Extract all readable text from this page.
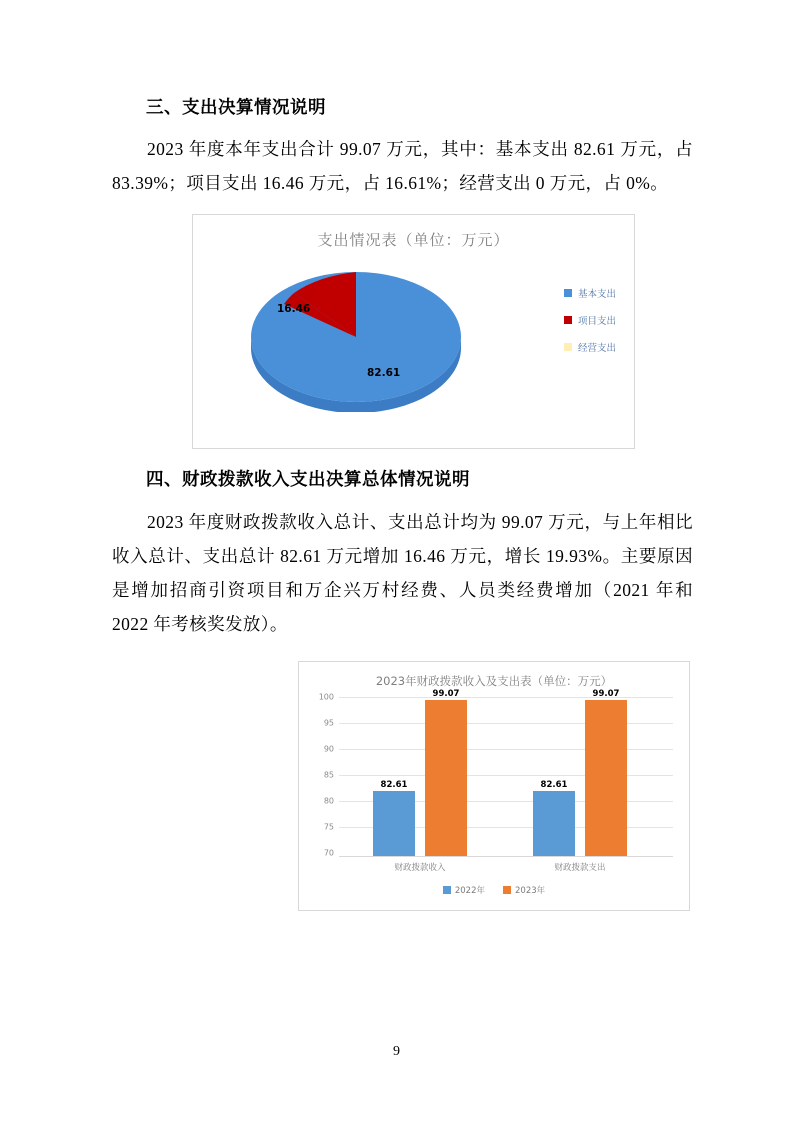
三、支出决算情况说明

2023 年度本年支出合计 99.07 万元，其中：基本支出 82.61 万元，占 83.39%；项目支出 16.46 万元，占 16.61%；经营支出 0 万元，占 0%。

支出情况表（单位：万元）
16.46
82.61
基本支出
项目支出
经营支出
四、财政拨款收入支出决算总体情况说明

2023 年度财政拨款收入总计、支出总计均为 99.07 万元，与上年相比收入总计、支出总计 82.61 万元增加 16.46 万元，增长 19.93%。主要原因是增加招商引资项目和万企兴万村经费、人员类经费增加（2021 年和 2022 年考核奖发放）。

2023年财政拨款收入及支出表（单位：万元）
100
95
90
85
80
75
70
82.61
99.07
82.61
99.07
财政拨款收入	财政拨款支出
2022年	2023年
9
